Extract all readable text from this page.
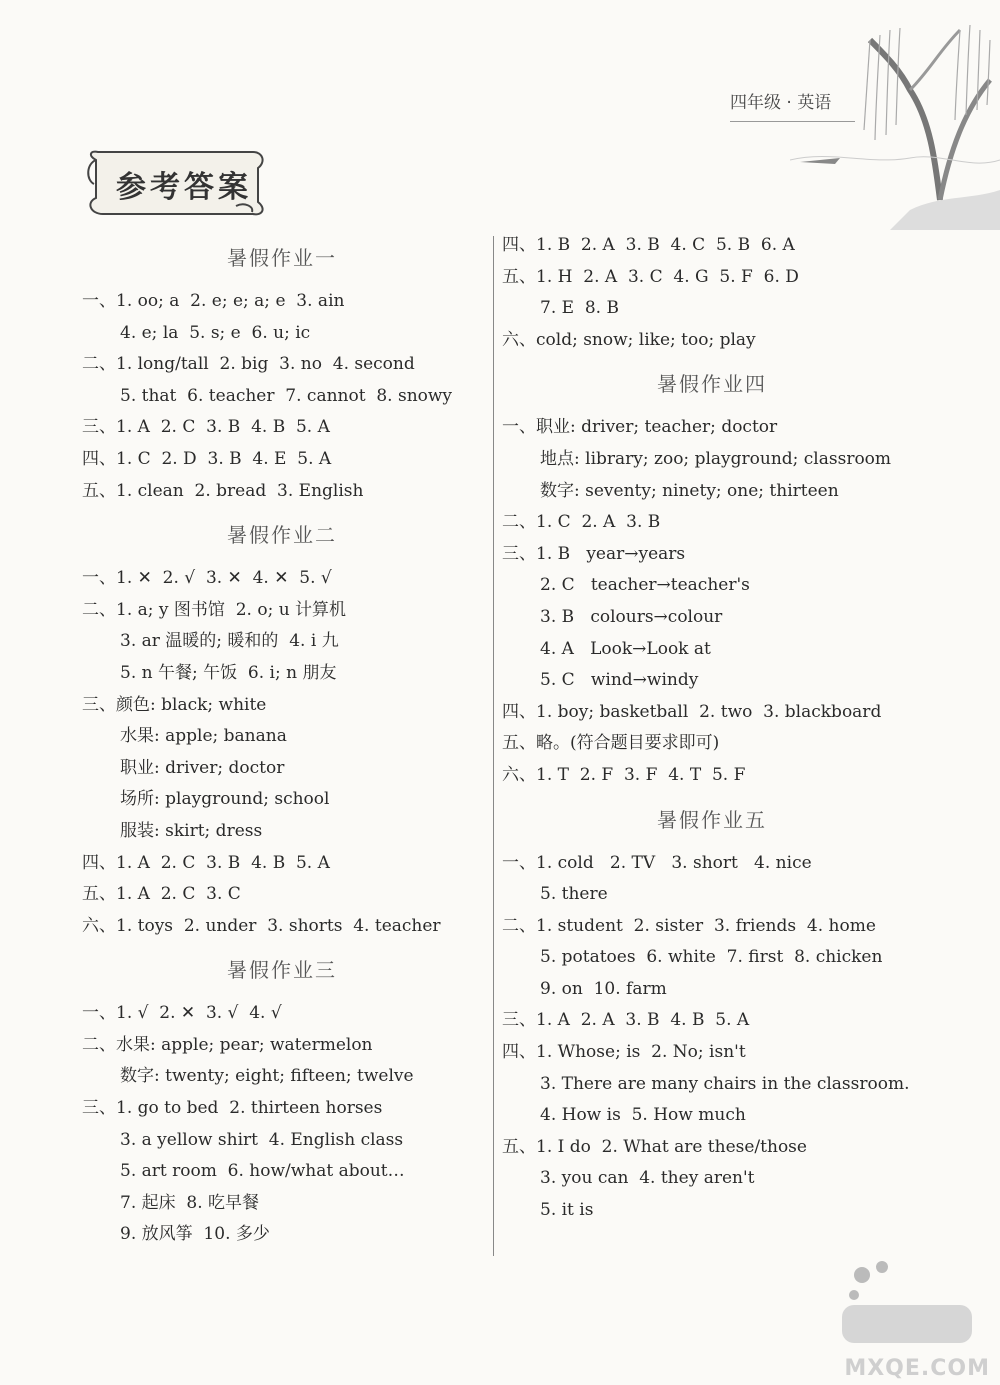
四年级 · 英语
参考答案
暑假作业一
一、1. oo; a  2. e; e; a; e  3. ain
4. e; la  5. s; e  6. u; ic
二、1. long/tall  2. big  3. no  4. second
5. that  6. teacher  7. cannot  8. snowy
三、1. A  2. C  3. B  4. B  5. A
四、1. C  2. D  3. B  4. E  5. A
五、1. clean  2. bread  3. English
暑假作业二
一、1. ✕  2. √  3. ✕  4. ✕  5. √
二、1. a; y 图书馆  2. o; u 计算机
3. ar 温暖的; 暖和的  4. i 九
5. n 午餐; 午饭  6. i; n 朋友
三、颜色: black; white
水果: apple; banana
职业: driver; doctor
场所: playground; school
服装: skirt; dress
四、1. A  2. C  3. B  4. B  5. A
五、1. A  2. C  3. C
六、1. toys  2. under  3. shorts  4. teacher
暑假作业三
一、1. √  2. ✕  3. √  4. √
二、水果: apple; pear; watermelon
数字: twenty; eight; fifteen; twelve
三、1. go to bed  2. thirteen horses
3. a yellow shirt  4. English class
5. art room  6. how/what about…
7. 起床  8. 吃早餐
9. 放风筝  10. 多少
四、1. B  2. A  3. B  4. C  5. B  6. A
五、1. H  2. A  3. C  4. G  5. F  6. D
7. E  8. B
六、cold; snow; like; too; play
暑假作业四
一、职业: driver; teacher; doctor
地点: library; zoo; playground; classroom
数字: seventy; ninety; one; thirteen
二、1. C  2. A  3. B
三、1. B   year→years
2. C   teacher→teacher's
3. B   colours→colour
4. A   Look→Look at
5. C   wind→windy
四、1. boy; basketball  2. two  3. blackboard
五、略。(符合题目要求即可)
六、1. T  2. F  3. F  4. T  5. F
暑假作业五
一、1. cold   2. TV   3. short   4. nice
5. there
二、1. student  2. sister  3. friends  4. home
5. potatoes  6. white  7. first  8. chicken
9. on  10. farm
三、1. A  2. A  3. B  4. B  5. A
四、1. Whose; is  2. No; isn't
3. There are many chairs in the classroom.
4. How is  5. How much
五、1. I do  2. What are these/those
3. you can  4. they aren't
5. it is
MXQE.COM
